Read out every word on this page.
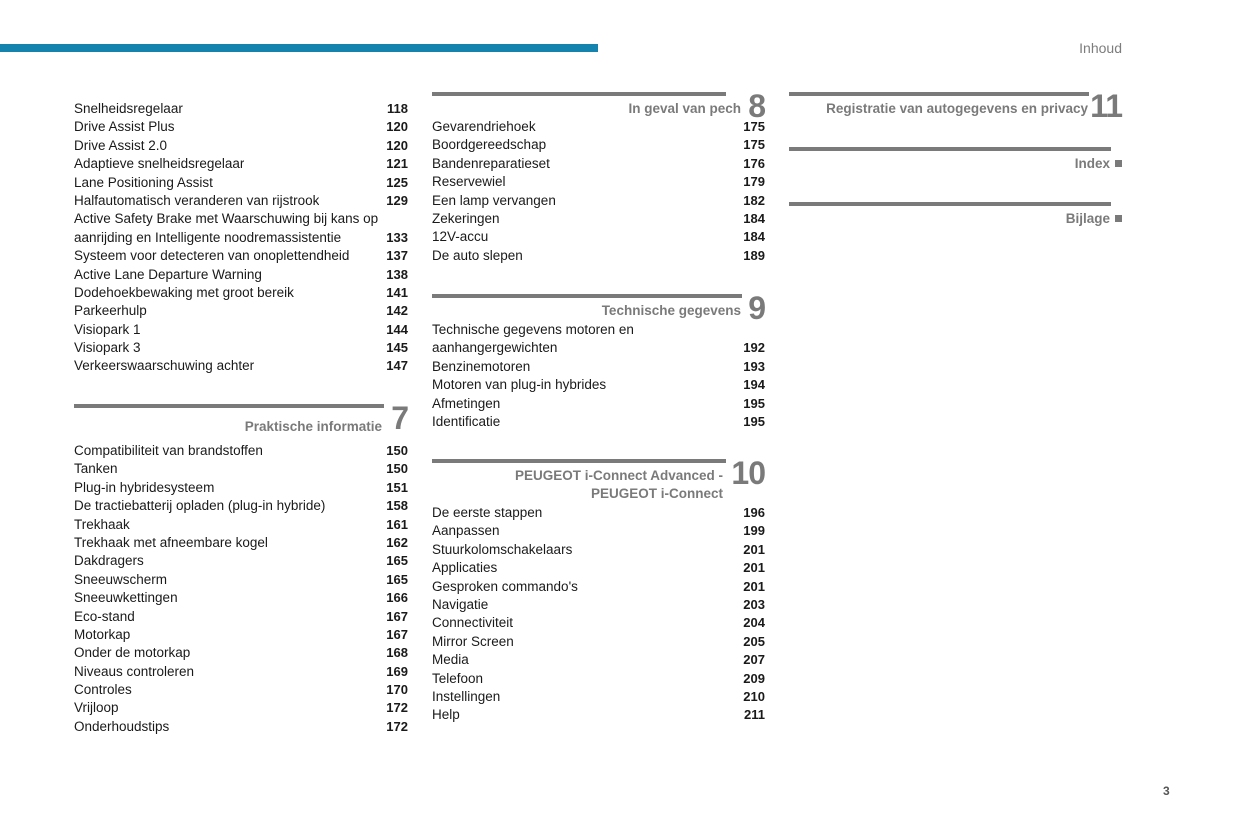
Inhoud
Snelheidsregelaar	118
Drive Assist Plus	120
Drive Assist 2.0	120
Adaptieve snelheidsregelaar	121
Lane Positioning Assist	125
Halfautomatisch veranderen van rijstrook	129
Active Safety Brake met Waarschuwing bij kans op
aanrijding en Intelligente noodremassistentie	133
Systeem voor detecteren van onoplettendheid	137
Active Lane Departure Warning	138
Dodehoekbewaking met groot bereik	141
Parkeerhulp	142
Visiopark 1	144
Visiopark 3	145
Verkeerswaarschuwing achter	147
Praktische informatie 7
Compatibiliteit van brandstoffen	150
Tanken	150
Plug-in hybridesysteem	151
De tractiebatterij opladen (plug-in hybride)	158
Trekhaak	161
Trekhaak met afneembare kogel	162
Dakdragers	165
Sneeuwscherm	165
Sneeuwkettingen	166
Eco-stand	167
Motorkap	167
Onder de motorkap	168
Niveaus controleren	169
Controles	170
Vrijloop	172
Onderhoudstips	172
In geval van pech 8
Gevarendriehoek	175
Boordgereedschap	175
Bandenreparatieset	176
Reservewiel	179
Een lamp vervangen	182
Zekeringen	184
12V-accu	184
De auto slepen	189
Technische gegevens 9
Technische gegevens motoren en
aanhangergewichten	192
Benzinemotoren	193
Motoren van plug-in hybrides	194
Afmetingen	195
Identificatie	195
PEUGEOT i-Connect Advanced -
PEUGEOT i-Connect
10
De eerste stappen	196
Aanpassen	199
Stuurkolomschakelaars	201
Applicaties	201
Gesproken commando's	201
Navigatie	203
Connectiviteit	204
Mirror Screen	205
Media	207
Telefoon	209
Instellingen	210
Help	211
Registratie van autogegevens en privacy 11
Index
Bijlage
3
